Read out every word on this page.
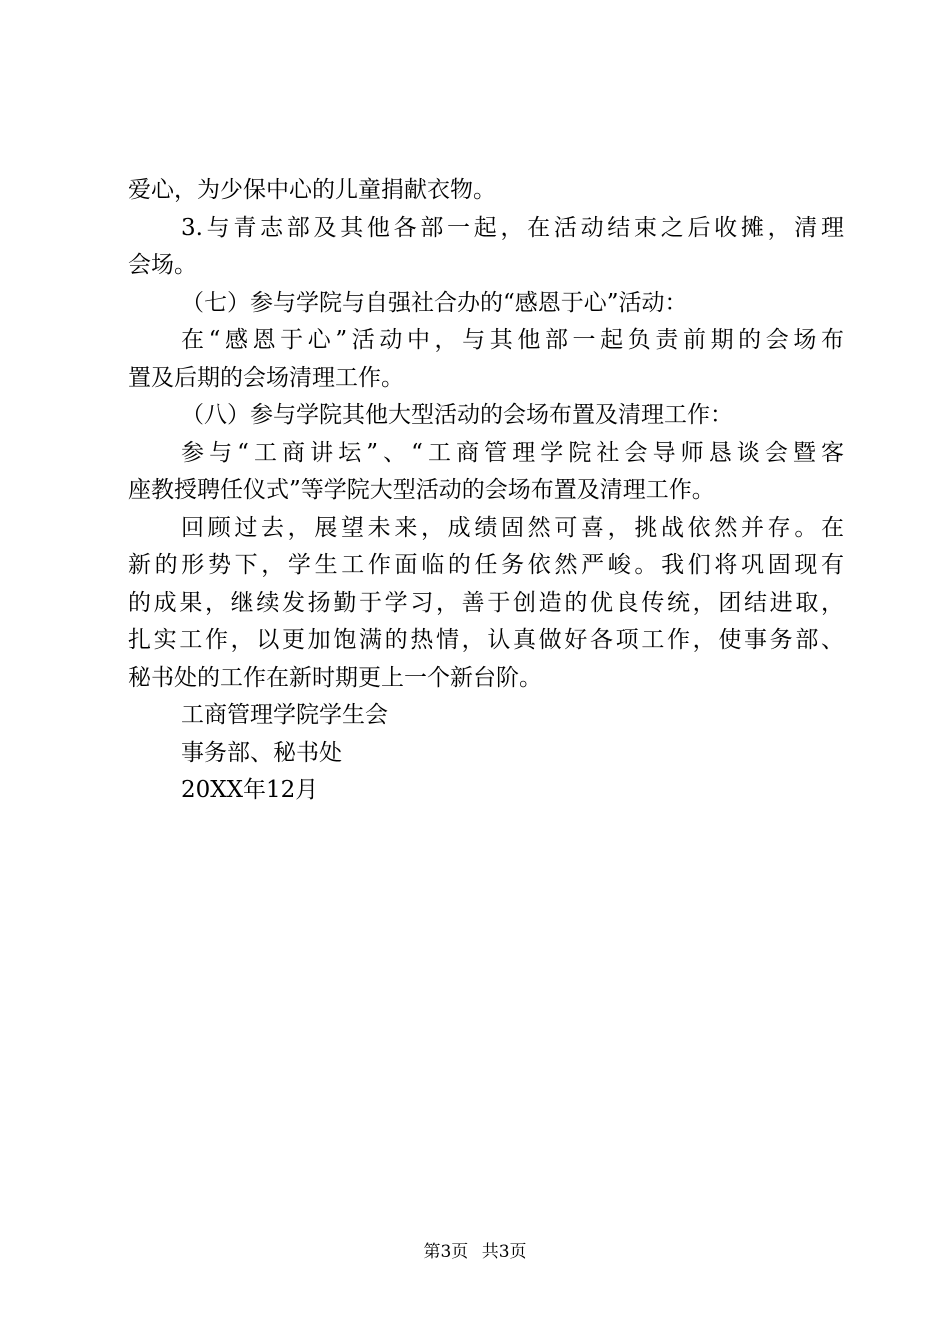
爱心，为少保中心的儿童捐献衣物。
3.与青志部及其他各部一起，在活动结束之后收摊，清理
会场。
（七）参与学院与自强社合办的“感恩于心”活动：
在“感恩于心”活动中，与其他部一起负责前期的会场布
置及后期的会场清理工作。
（八）参与学院其他大型活动的会场布置及清理工作：
参与“工商讲坛”、“工商管理学院社会导师恳谈会暨客
座教授聘任仪式”等学院大型活动的会场布置及清理工作。
回顾过去，展望未来，成绩固然可喜，挑战依然并存。在
新的形势下，学生工作面临的任务依然严峻。我们将巩固现有
的成果，继续发扬勤于学习，善于创造的优良传统，团结进取，
扎实工作，以更加饱满的热情，认真做好各项工作，使事务部、
秘书处的工作在新时期更上一个新台阶。
工商管理学院学生会
事务部、秘书处
20XX年12月
第3页 共3页
